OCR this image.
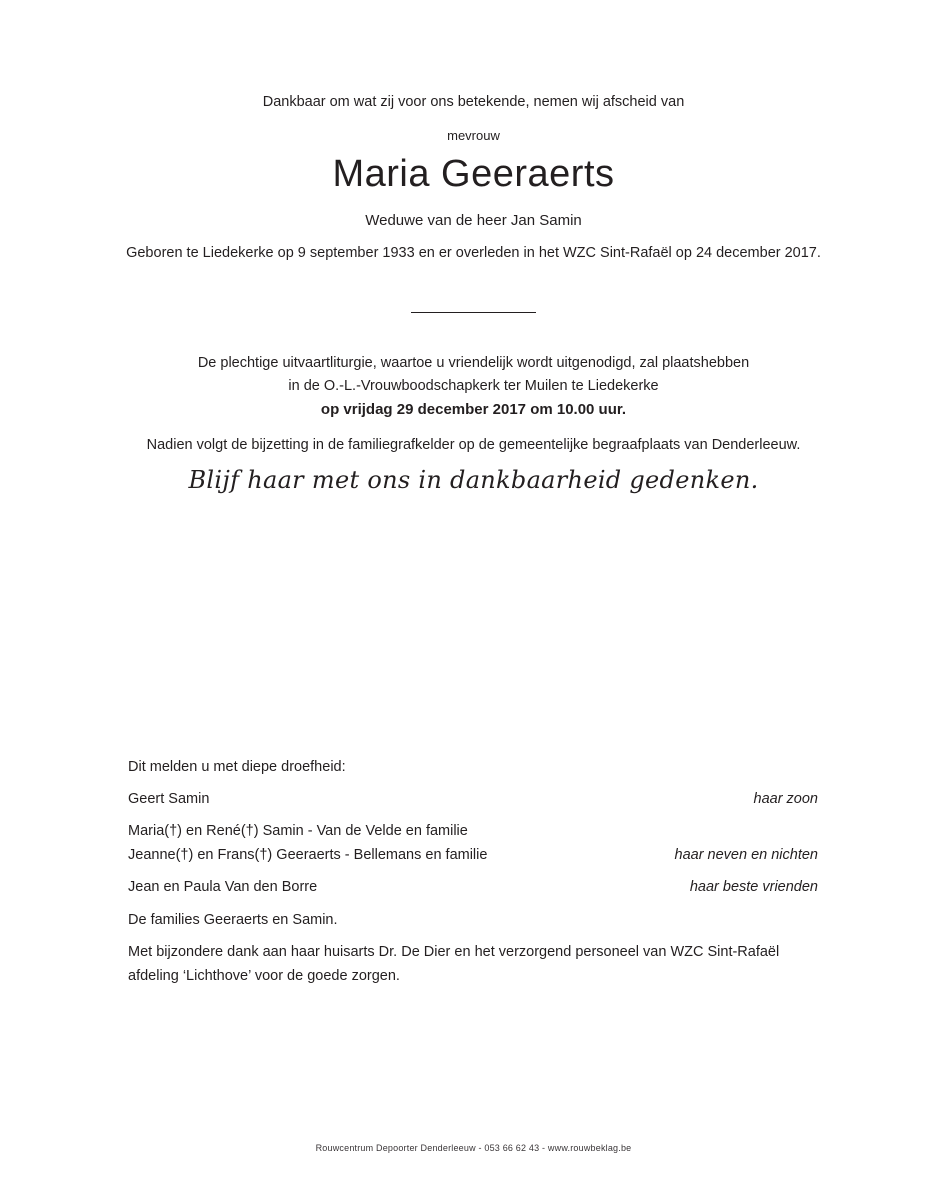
Dankbaar om wat zij voor ons betekende, nemen wij afscheid van
mevrouw
Maria Geeraerts
Weduwe van de heer Jan Samin
Geboren te Liedekerke op 9 september 1933 en er overleden in het WZC Sint-Rafaël op 24 december 2017.
De plechtige uitvaartliturgie, waartoe u vriendelijk wordt uitgenodigd, zal plaatshebben
in de O.-L.-Vrouwboodschapkerk ter Muilen te Liedekerke
op vrijdag 29 december 2017 om 10.00 uur.
Nadien volgt de bijzetting in de familiegrafkelder op de gemeentelijke begraafplaats van Denderleeuw.
Blijf haar met ons in dankbaarheid gedenken.
Dit melden u met diepe droefheid:
Geert Samin	haar zoon
Maria(†) en René(†) Samin - Van de Velde en familie
Jeanne(†) en Frans(†) Geeraerts - Bellemans en familie	haar neven en nichten
Jean en Paula Van den Borre	haar beste vrienden
De families Geeraerts en Samin.
Met bijzondere dank aan haar huisarts Dr. De Dier en het verzorgend personeel van WZC Sint-Rafaël
afdeling ‘Lichthove’ voor de goede zorgen.
Rouwcentrum Depoorter Denderleeuw - 053 66 62 43 - www.rouwbeklag.be
